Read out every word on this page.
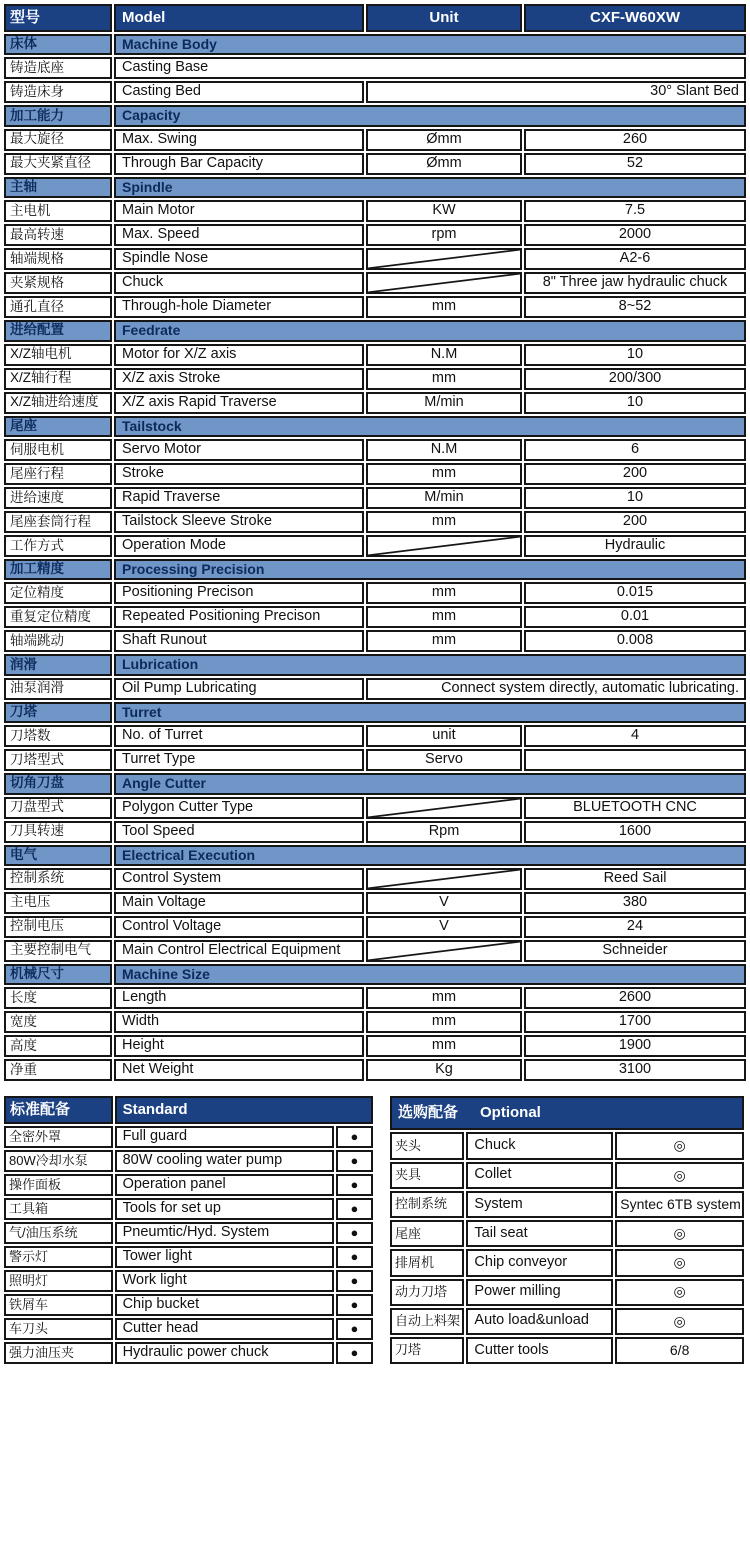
型号	Model	Unit	CXF-W60XW
床体	Machine Body		
铸造底座	Casting Base		
铸造床身	Casting Bed	30° Slant Bed	
加工能力	Capacity		
最大旋径	Max. Swing	Ømm	260
最大夹紧直径	Through Bar Capacity	Ømm	52
主轴	Spindle		
主电机	Main Motor	KW	7.5
最高转速	Max. Speed	rpm	2000
轴端规格	Spindle Nose		A2-6
夹紧规格	Chuck		8" Three jaw hydraulic chuck
通孔直径	Through-hole Diameter	mm	8~52
进给配置	Feedrate		
X/Z轴电机	Motor for X/Z axis	N.M	10
X/Z轴行程	X/Z axis Stroke	mm	200/300
X/Z轴进给速度	X/Z axis Rapid Traverse	M/min	10
尾座	Tailstock		
伺服电机	Servo Motor	N.M	6
尾座行程	Stroke	mm	200
进给速度	Rapid Traverse	M/min	10
尾座套筒行程	Tailstock Sleeve Stroke	mm	200
工作方式	Operation Mode		Hydraulic
加工精度	Processing Precision		
定位精度	Positioning Precison	mm	0.015
重复定位精度	Repeated Positioning Precison	mm	0.01
轴端跳动	Shaft Runout	mm	0.008
润滑	Lubrication		
油泵润滑	Oil Pump Lubricating	Connect system directly, automatic lubricating.	
刀塔	Turret		
刀塔数	No. of Turret	unit	4
刀塔型式	Turret Type	Servo	
切角刀盘	Angle Cutter		
刀盘型式	Polygon Cutter Type		BLUETOOTH CNC
刀具转速	Tool Speed	Rpm	1600
电气	Electrical Execution		
控制系统	Control System		Reed Sail
主电压	Main Voltage	V	380
控制电压	Control Voltage	V	24
主要控制电气	Main Control Electrical Equipment		Schneider
机械尺寸	Machine Size		
长度	Length	mm	2600
宽度	Width	mm	1700
高度	Height	mm	1900
净重	Net Weight	Kg	3100
标准配备	Standard	
全密外罩	Full guard	●
80W冷却水泵	80W cooling water pump	●
操作面板	Operation panel	●
工具箱	Tools for set up	●
气/油压系统	Pneumtic/Hyd. System	●
警示灯	Tower light	●
照明灯	Work light	●
铁屑车	Chip bucket	●
车刀头	Cutter head	●
强力油压夹	Hydraulic power chuck	●
选购配备 Optional		
夹头	Chuck	◎
夹具	Collet	◎
控制系统	System	Syntec 6TB system
尾座	Tail seat	◎
排屑机	Chip conveyor	◎
动力刀塔	Power milling	◎
自动上料架	Auto load&unload	◎
刀塔	Cutter tools	6/8
